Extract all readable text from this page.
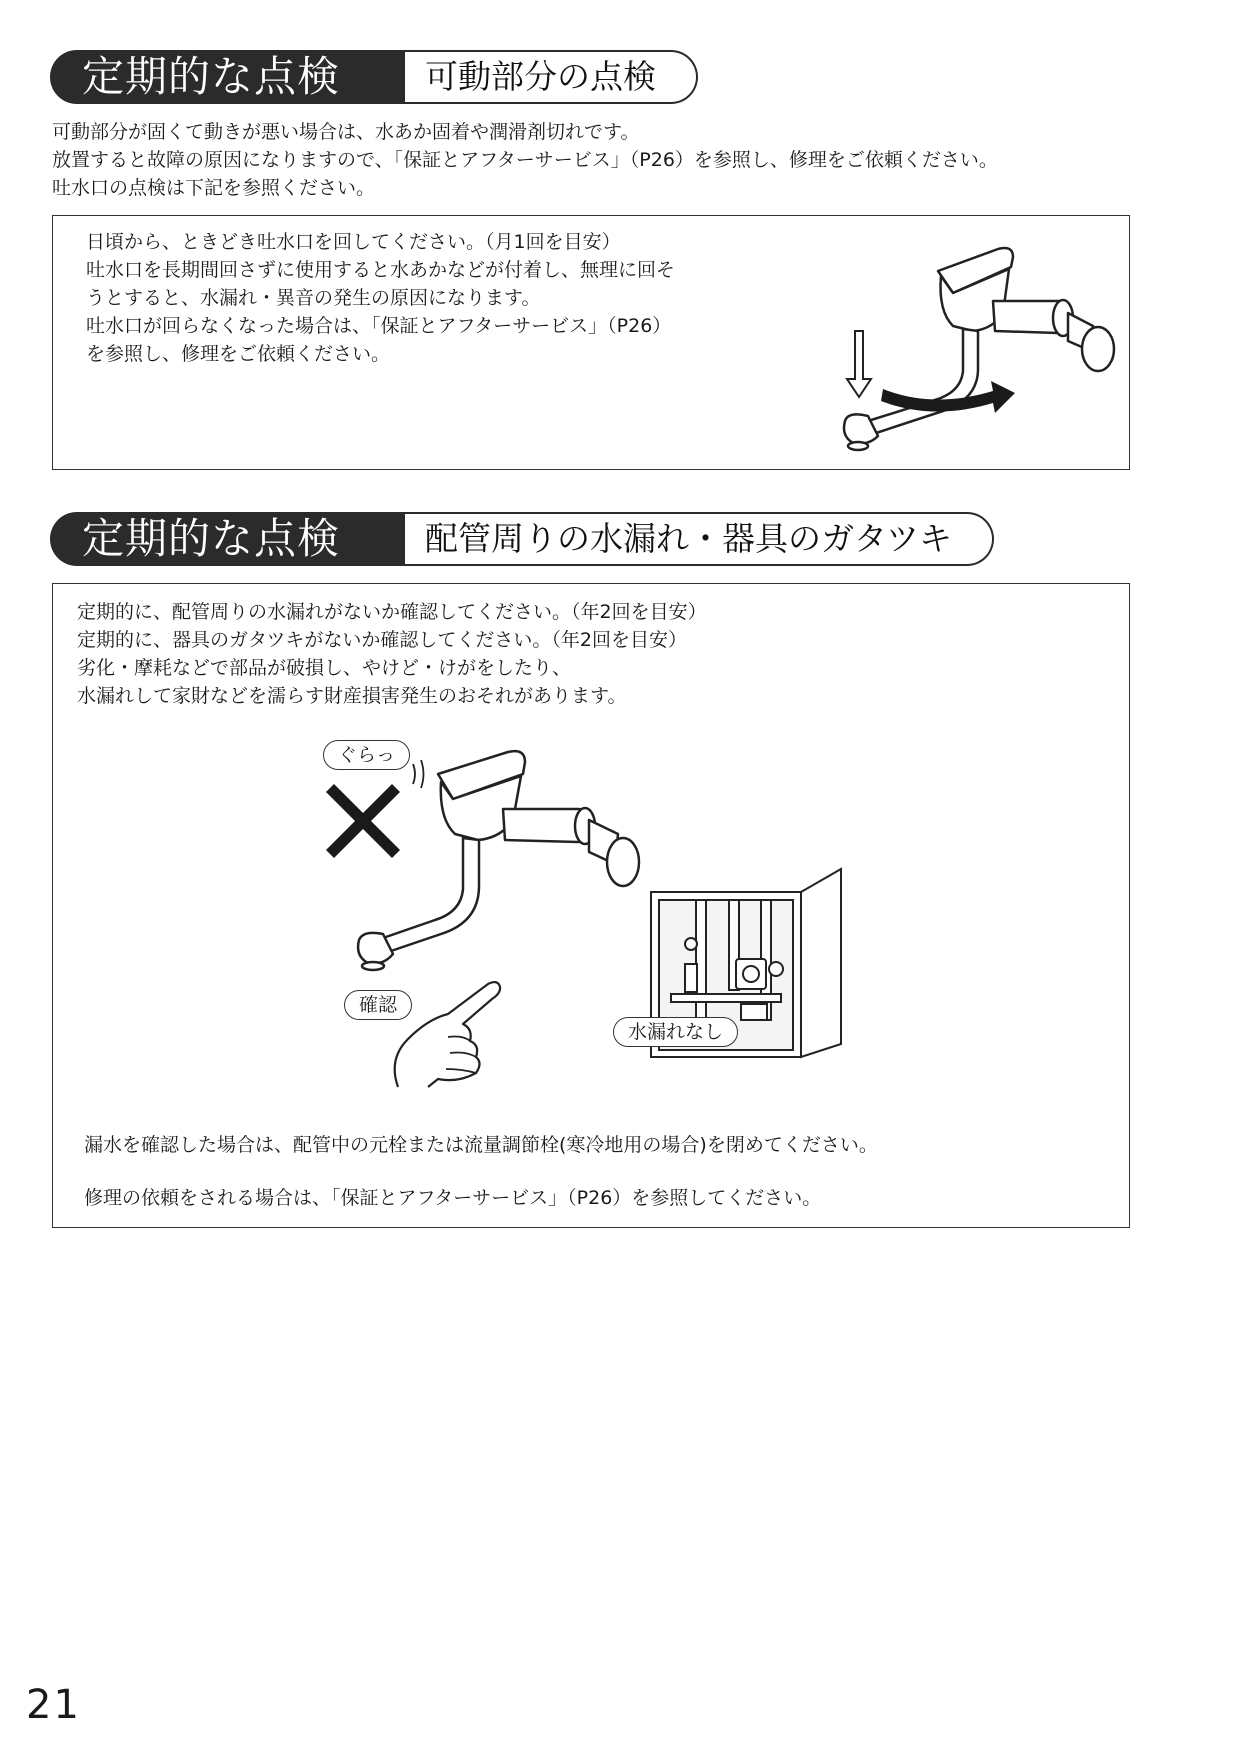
定期的な点検	可動部分の点検

可動部分が固くて動きが悪い場合は、水あか固着や潤滑剤切れです。

放置すると故障の原因になりますので、「保証とアフターサービス」（P26）を参照し、修理をご依頼ください。

吐水口の点検は下記を参照ください。

日頃から、ときどき吐水口を回してください。（月1回を目安）

吐水口を長期間回さずに使用すると水あかなどが付着し、無理に回そ

うとすると、水漏れ・異音の発生の原因になります。

吐水口が回らなくなった場合は、「保証とアフターサービス」（P26）

を参照し、修理をご依頼ください。

定期的な点検	配管周りの水漏れ・器具のガタツキ

定期的に、配管周りの水漏れがないか確認してください。（年2回を目安）

定期的に、器具のガタツキがないか確認してください。（年2回を目安）

劣化・摩耗などで部品が破損し、やけど・けがをしたり、

水漏れして家財などを濡らす財産損害発生のおそれがあります。

ぐらっ
確認
水漏れなし
漏水を確認した場合は、配管中の元栓または流量調節栓(寒冷地用の場合)を閉めてください。
修理の依頼をされる場合は、「保証とアフターサービス」（P26）を参照してください。
21
